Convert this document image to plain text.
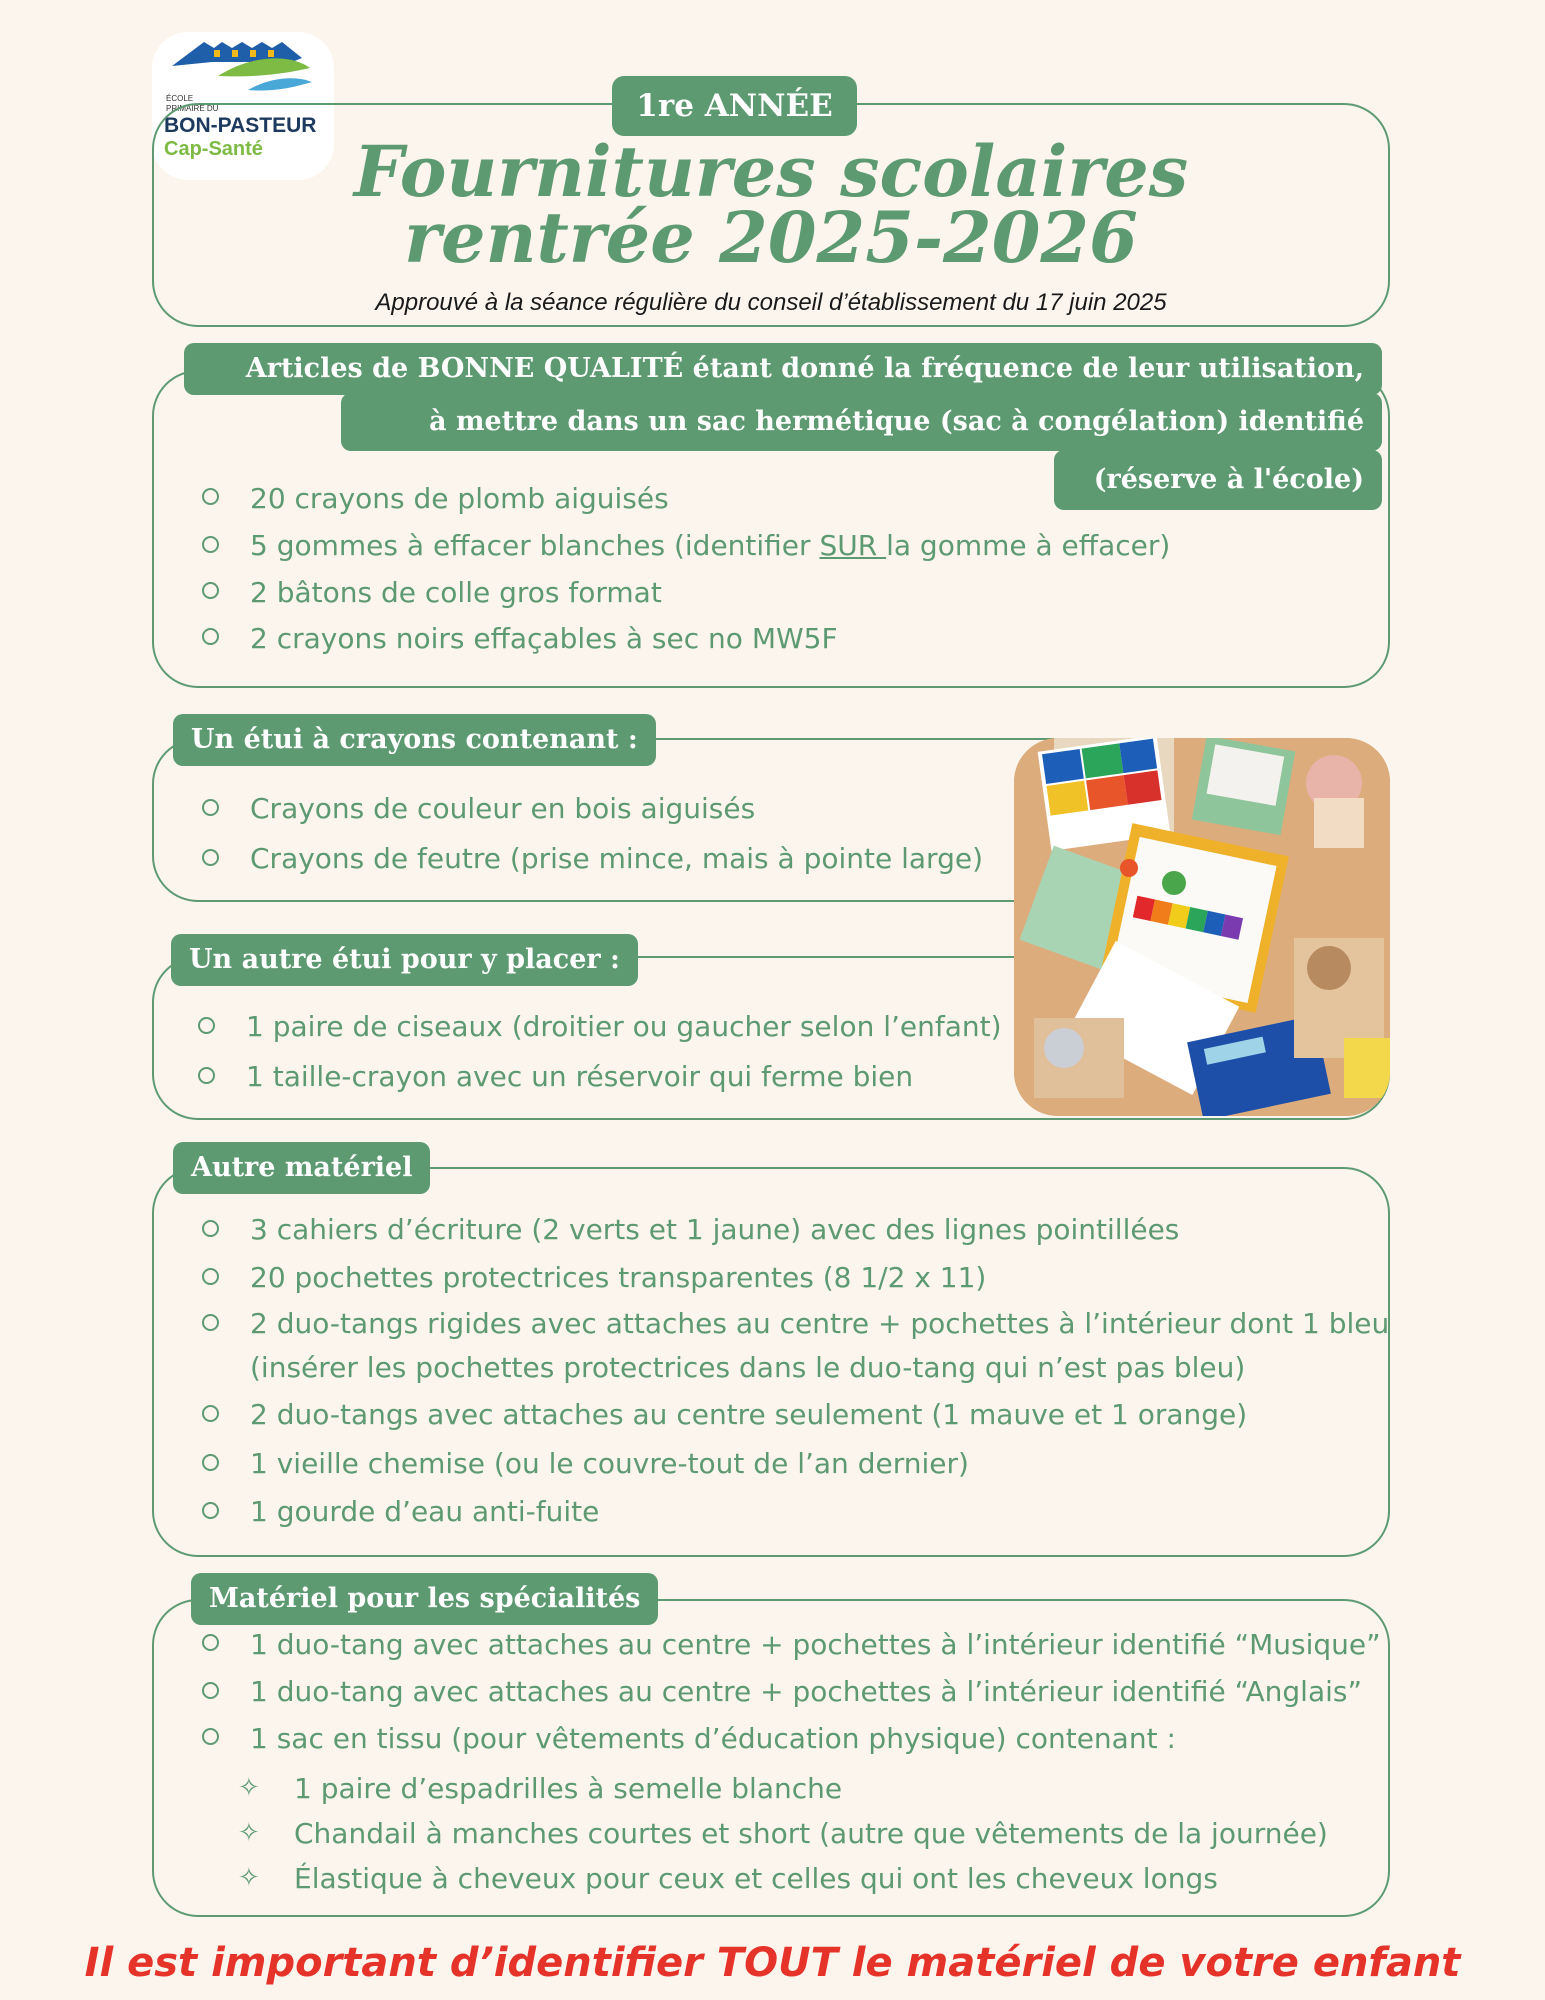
ÉCOLE
PRIMAIRE DU
BON-PASTEUR
Cap-Santé
1re ANNÉE
Fournitures scolaires
rentrée 2025-2026
Approuvé à la séance régulière du conseil d’établissement du 17 juin 2025
Articles de BONNE QUALITÉ étant donné la fréquence de leur utilisation,
à mettre dans un sac hermétique (sac à congélation) identifié
(réserve à l'école)
20 crayons de plomb aiguisés
5 gommes à effacer blanches (identifier SUR la gomme à effacer)
2 bâtons de colle gros format
2 crayons noirs effaçables à sec no MW5F
Un étui à crayons contenant :
Crayons de couleur en bois aiguisés
Crayons de feutre (prise mince, mais à pointe large)
Un autre étui pour y placer :
1 paire de ciseaux (droitier ou gaucher selon l’enfant)
1 taille-crayon avec un réservoir qui ferme bien
Autre matériel
3 cahiers d’écriture (2 verts et 1 jaune) avec des lignes pointillées
20 pochettes protectrices transparentes (8 1/2 x 11)
2 duo-tangs rigides avec attaches au centre + pochettes à l’intérieur dont 1 bleu
(insérer les pochettes protectrices dans le duo-tang qui n’est pas bleu)
2 duo-tangs avec attaches au centre seulement (1 mauve et 1 orange)
1 vieille chemise (ou le couvre-tout de l’an dernier)
1 gourde d’eau anti-fuite
Matériel pour les spécialités
1 duo-tang avec attaches au centre + pochettes à l’intérieur identifié “Musique”
1 duo-tang avec attaches au centre + pochettes à l’intérieur identifié “Anglais”
1 sac en tissu (pour vêtements d’éducation physique) contenant :
✧ 1 paire d’espadrilles à semelle blanche
✧ Chandail à manches courtes et short (autre que vêtements de la journée)
✧ Élastique à cheveux pour ceux et celles qui ont les cheveux longs
Il est important d’identifier TOUT le matériel de votre enfant
